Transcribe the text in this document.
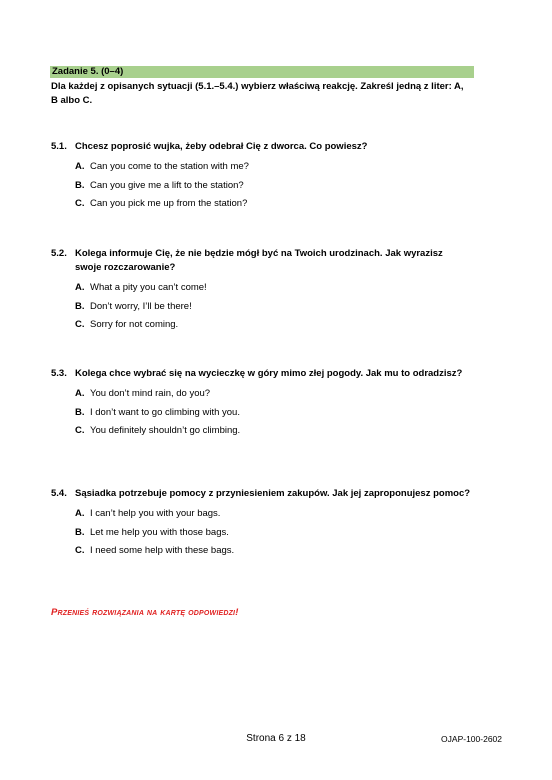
Zadanie 5. (0–4)
Dla każdej z opisanych sytuacji (5.1.–5.4.) wybierz właściwą reakcję. Zakreśl jedną z liter: A, B albo C.
5.1. Chcesz poprosić wujka, żeby odebrał Cię z dworca. Co powiesz?
A. Can you come to the station with me?
B. Can you give me a lift to the station?
C. Can you pick me up from the station?
5.2. Kolega informuje Cię, że nie będzie mógł być na Twoich urodzinach. Jak wyrazisz swoje rozczarowanie?
A. What a pity you can’t come!
B. Don’t worry, I’ll be there!
C. Sorry for not coming.
5.3. Kolega chce wybrać się na wycieczkę w góry mimo złej pogody. Jak mu to odradzisz?
A. You don’t mind rain, do you?
B. I don’t want to go climbing with you.
C. You definitely shouldn’t go climbing.
5.4. Sąsiadka potrzebuje pomocy z przyniesieniem zakupów. Jak jej zaproponujesz pomoc?
A. I can’t help you with your bags.
B. Let me help you with those bags.
C. I need some help with these bags.
Przenieś rozwiązania na kartę odpowiedzi!
Strona 6 z 18	OJAP-100-2602
